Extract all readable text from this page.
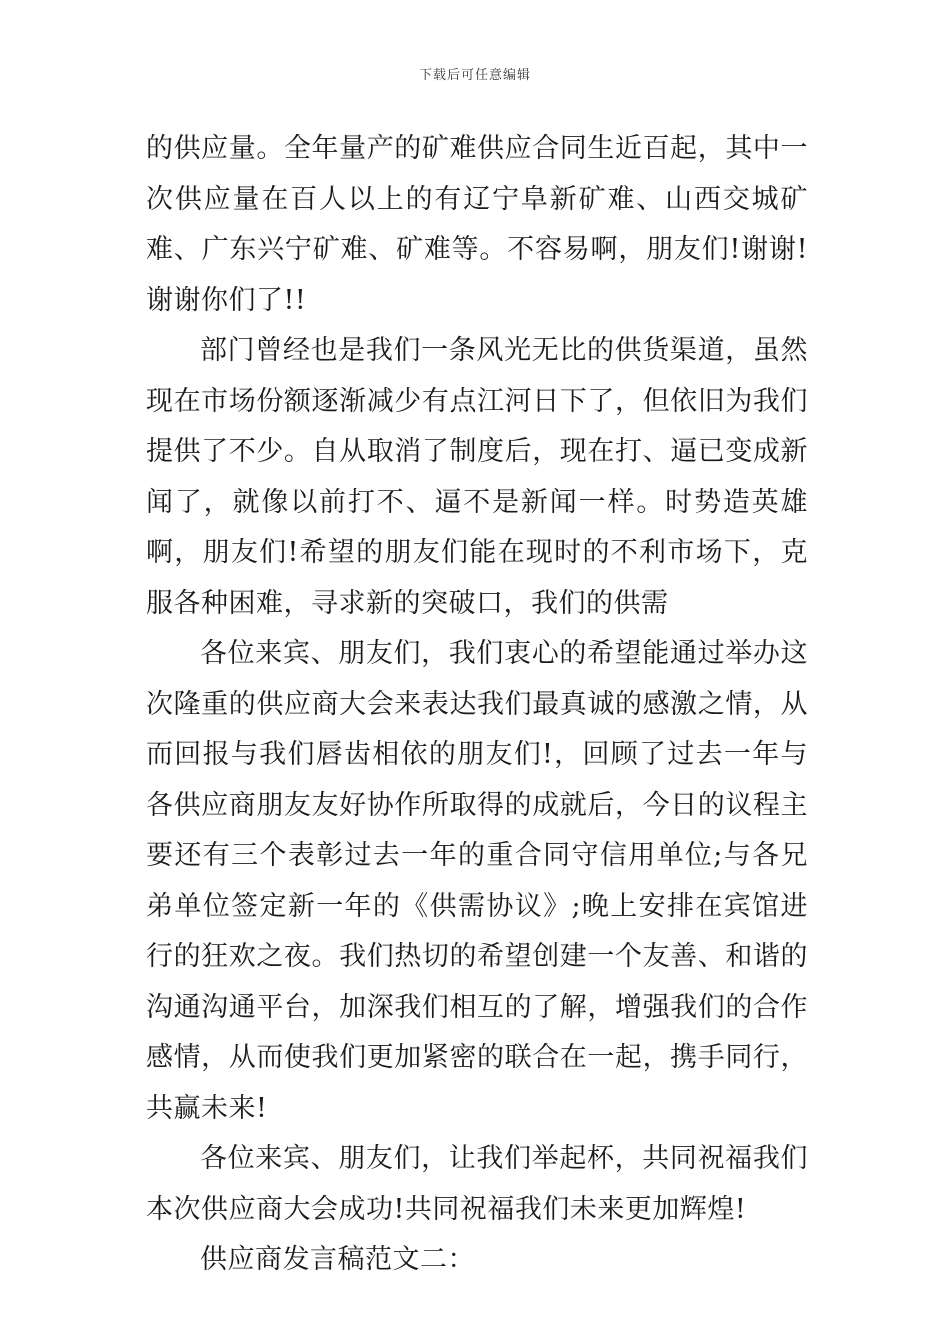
下载后可任意编辑

的供应量。全年量产的矿难供应合同生近百起，其中一次供应量在百人以上的有辽宁阜新矿难、山西交城矿难、广东兴宁矿难、矿难等。不容易啊，朋友们!谢谢!谢谢你们了!!

部门曾经也是我们一条风光无比的供货渠道，虽然现在市场份额逐渐减少有点江河日下了，但依旧为我们提供了不少。自从取消了制度后，现在打、逼已变成新闻了，就像以前打不、逼不是新闻一样。时势造英雄啊，朋友们!希望的朋友们能在现时的不利市场下，克服各种困难，寻求新的突破口，我们的供需

各位来宾、朋友们，我们衷心的希望能通过举办这次隆重的供应商大会来表达我们最真诚的感激之情，从而回报与我们唇齿相依的朋友们!，回顾了过去一年与各供应商朋友友好协作所取得的成就后，今日的议程主要还有三个表彰过去一年的重合同守信用单位;与各兄弟单位签定新一年的《供需协议》;晚上安排在宾馆进行的狂欢之夜。我们热切的希望创建一个友善、和谐的沟通沟通平台，加深我们相互的了解，增强我们的合作感情，从而使我们更加紧密的联合在一起，携手同行，共赢未来!

各位来宾、朋友们，让我们举起杯，共同祝福我们本次供应商大会成功!共同祝福我们未来更加辉煌!

供应商发言稿范文二：
